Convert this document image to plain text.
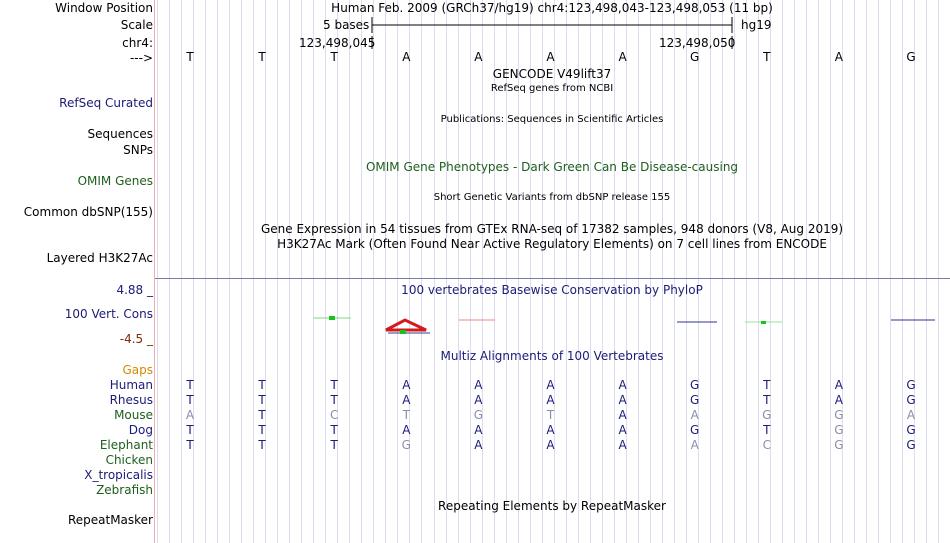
Window Position
Scale
chr4:
--->
Human Feb. 2009 (GRCh37/hg19) chr4:123,498,043-123,498,053 (11 bp)
5 bases	hg19
123,498,045	123,498,050
T	T	T	A	A	A	A	G	T	A	G
GENCODE V49lift37
RefSeq genes from NCBI
RefSeq Curated
Publications: Sequences in Scientific Articles
Sequences
SNPs
OMIM Gene Phenotypes - Dark Green Can Be Disease-causing
OMIM Genes
Short Genetic Variants from dbSNP release 155
Common dbSNP(155)
Gene Expression in 54 tissues from GTEx RNA-seq of 17382 samples, 948 donors (V8, Aug 2019)
H3K27Ac Mark (Often Found Near Active Regulatory Elements) on 7 cell lines from ENCODE
Layered H3K27Ac
100 vertebrates Basewise Conservation by PhyloP
4.88 _
100 Vert. Cons
-4.5 _
Multiz Alignments of 100 Vertebrates
Gaps
Human	T	T	T	A	A	A	A	G	T	A	G
Rhesus	T	T	T	A	A	A	A	G	T	A	G
Mouse	A	T	C	T	G	T	A	A	G	G	A
Dog	T	T	T	A	A	A	A	G	T	G	G
Elephant	T	T	T	G	A	A	A	A	C	G	G
Chicken
X_tropicalis
Zebrafish
Repeating Elements by RepeatMasker
RepeatMasker
